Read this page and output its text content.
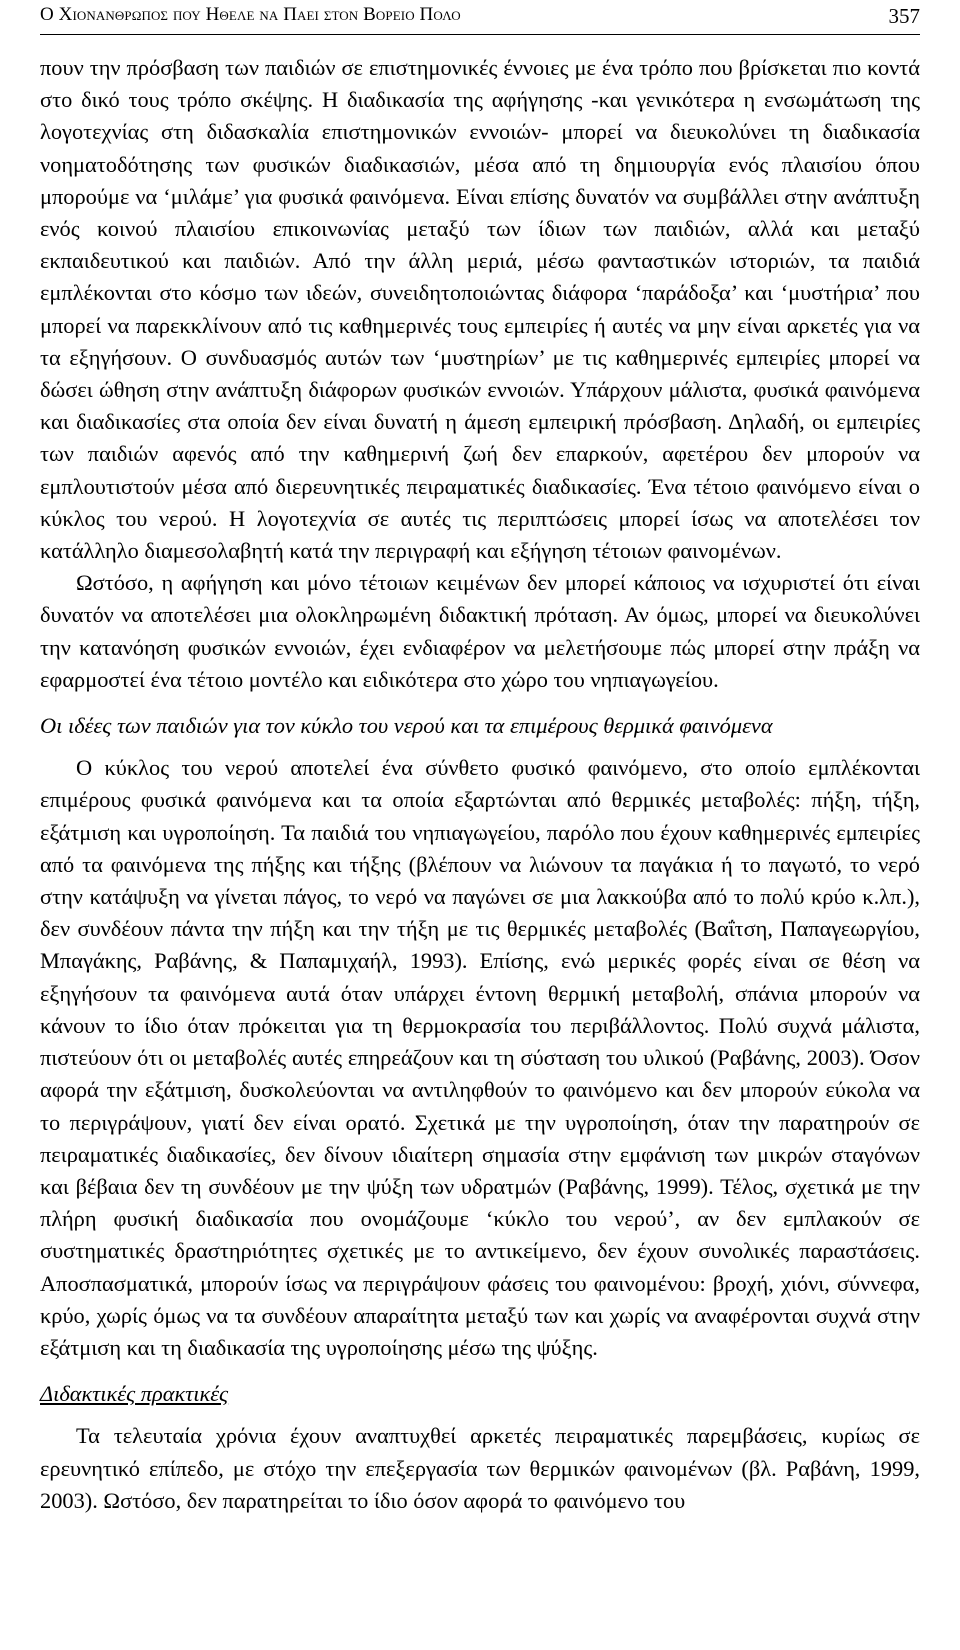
Ο Χιονανθρωπος που Ηθελε να Παει στον Βορειο Πολο	357

πουν την πρόσβαση των παιδιών σε επιστημονικές έννοιες με ένα τρόπο που βρίσκεται πιο κοντά στο δικό τους τρόπο σκέψης. Η διαδικασία της αφήγησης -και γενικότερα η ενσωμάτωση της λογοτεχνίας στη διδασκαλία επιστημονικών εννοιών- μπορεί να διευκολύνει τη διαδικασία νοηματοδότησης των φυσικών διαδικασιών, μέσα από τη δημιουργία ενός πλαισίου όπου μπορούμε να ‘μιλάμε’ για φυσικά φαινόμενα. Είναι επίσης δυνατόν να συμβάλλει στην ανάπτυξη ενός κοινού πλαισίου επικοινωνίας μεταξύ των ίδιων των παιδιών, αλλά και μεταξύ εκπαιδευτικού και παιδιών. Από την άλλη μεριά, μέσω φανταστικών ιστοριών, τα παιδιά εμπλέκονται στο κόσμο των ιδεών, συνειδητοποιώντας διάφορα ‘παράδοξα’ και ‘μυστήρια’ που μπορεί να παρεκκλίνουν από τις καθημερινές τους εμπειρίες ή αυτές να μην είναι αρκετές για να τα εξηγήσουν. Ο συνδυασμός αυτών των ‘μυστηρίων’ με τις καθημερινές εμπειρίες μπορεί να δώσει ώθηση στην ανάπτυξη διάφορων φυσικών εννοιών. Υπάρχουν μάλιστα, φυσικά φαινόμενα και διαδικασίες στα οποία δεν είναι δυνατή η άμεση εμπειρική πρόσβαση. Δηλαδή, οι εμπειρίες των παιδιών αφενός από την καθημερινή ζωή δεν επαρκούν, αφετέρου δεν μπορούν να εμπλουτιστούν μέσα από διερευνητικές πειραματικές διαδικασίες. Ένα τέτοιο φαινόμενο είναι ο κύκλος του νερού. Η λογοτεχνία σε αυτές τις περιπτώσεις μπορεί ίσως να αποτελέσει τον κατάλληλο διαμεσολαβητή κατά την περιγραφή και εξήγηση τέτοιων φαινομένων.

Ωστόσο, η αφήγηση και μόνο τέτοιων κειμένων δεν μπορεί κάποιος να ισχυριστεί ότι είναι δυνατόν να αποτελέσει μια ολοκληρωμένη διδακτική πρόταση. Αν όμως, μπορεί να διευκολύνει την κατανόηση φυσικών εννοιών, έχει ενδιαφέρον να μελετήσουμε πώς μπορεί στην πράξη να εφαρμοστεί ένα τέτοιο μοντέλο και ειδικότερα στο χώρο του νηπιαγωγείου.

Οι ιδέες των παιδιών για τον κύκλο του νερού και τα επιμέρους θερμικά φαινόμενα

Ο κύκλος του νερού αποτελεί ένα σύνθετο φυσικό φαινόμενο, στο οποίο εμπλέκονται επιμέρους φυσικά φαινόμενα και τα οποία εξαρτώνται από θερμικές μεταβολές: πήξη, τήξη, εξάτμιση και υγροποίηση. Τα παιδιά του νηπιαγωγείου, παρόλο που έχουν καθημερινές εμπειρίες από τα φαινόμενα της πήξης και τήξης (βλέπουν να λιώνουν τα παγάκια ή το παγωτό, το νερό στην κατάψυξη να γίνεται πάγος, το νερό να παγώνει σε μια λακκούβα από το πολύ κρύο κ.λπ.), δεν συνδέουν πάντα την πήξη και την τήξη με τις θερμικές μεταβολές (Βαΐτση, Παπαγεωργίου, Μπαγάκης, Ραβάνης, & Παπαμιχαήλ, 1993). Επίσης, ενώ μερικές φορές είναι σε θέση να εξηγήσουν τα φαινόμενα αυτά όταν υπάρχει έντονη θερμική μεταβολή, σπάνια μπορούν να κάνουν το ίδιο όταν πρόκειται για τη θερμοκρασία του περιβάλλοντος. Πολύ συχνά μάλιστα, πιστεύουν ότι οι μεταβολές αυτές επηρεάζουν και τη σύσταση του υλικού (Ραβάνης, 2003). Όσον αφορά την εξάτμιση, δυσκολεύονται να αντιληφθούν το φαινόμενο και δεν μπορούν εύκολα να το περιγράψουν, γιατί δεν είναι ορατό. Σχετικά με την υγροποίηση, όταν την παρατηρούν σε πειραματικές διαδικασίες, δεν δίνουν ιδιαίτερη σημασία στην εμφάνιση των μικρών σταγόνων και βέβαια δεν τη συνδέουν με την ψύξη των υδρατμών (Ραβάνης, 1999). Τέλος, σχετικά με την πλήρη φυσική διαδικασία που ονομάζουμε ‘κύκλο του νερού’, αν δεν εμπλακούν σε συστηματικές δραστηριότητες σχετικές με το αντικείμενο, δεν έχουν συνολικές παραστάσεις. Αποσπασματικά, μπορούν ίσως να περιγράψουν φάσεις του φαινομένου: βροχή, χιόνι, σύννεφα, κρύο, χωρίς όμως να τα συνδέουν απαραίτητα μεταξύ των και χωρίς να αναφέρονται συχνά στην εξάτμιση και τη διαδικασία της υγροποίησης μέσω της ψύξης.

Διδακτικές πρακτικές

Τα τελευταία χρόνια έχουν αναπτυχθεί αρκετές πειραματικές παρεμβάσεις, κυρίως σε ερευνητικό επίπεδο, με στόχο την επεξεργασία των θερμικών φαινομένων (βλ. Ραβάνη, 1999, 2003). Ωστόσο, δεν παρατηρείται το ίδιο όσον αφορά το φαινόμενο του
